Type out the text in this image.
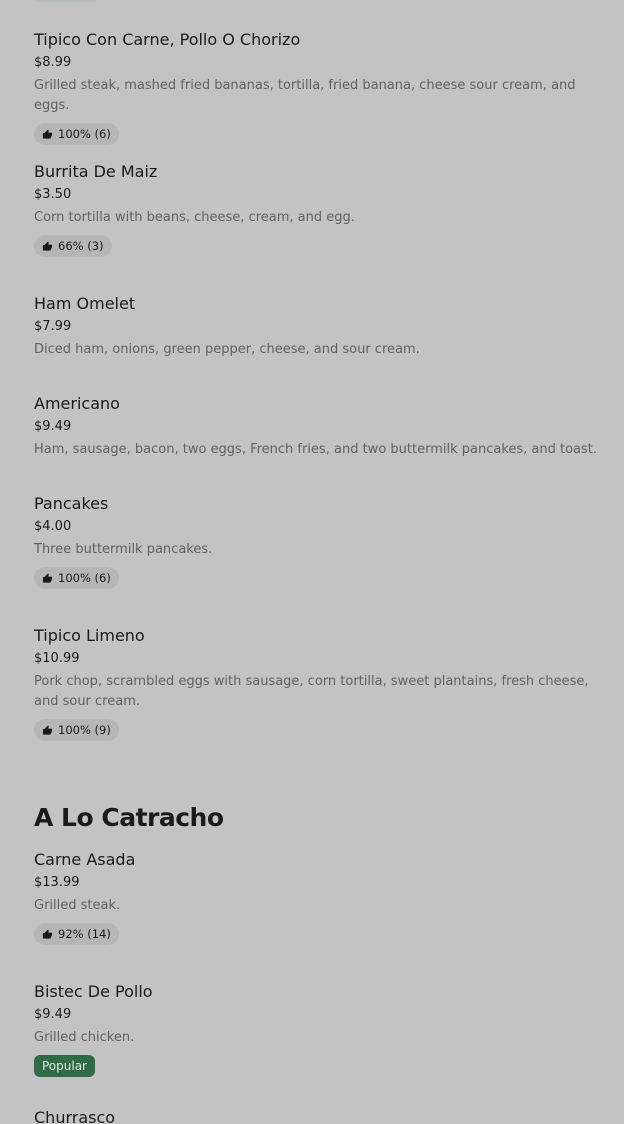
Tipico Con Carne, Pollo O Chorizo
$8.99
Grilled steak, mashed fried bananas, tortilla, fried banana, cheese sour cream, and eggs.
100% (6)
Burrita De Maiz
$3.50
Corn tortilla with beans, cheese, cream, and egg.
66% (3)
Ham Omelet
$7.99
Diced ham, onions, green pepper, cheese, and sour cream.
Americano
$9.49
Ham, sausage, bacon, two eggs, French fries, and two buttermilk pancakes, and toast.
Pancakes
$4.00
Three buttermilk pancakes.
100% (6)
Tipico Limeno
$10.99
Pork chop, scrambled eggs with sausage, corn tortilla, sweet plantains, fresh cheese, and sour cream.
100% (9)
A Lo Catracho
Carne Asada
$13.99
Grilled steak.
92% (14)
Bistec De Pollo
$9.49
Grilled chicken.
Popular
Churrasco
